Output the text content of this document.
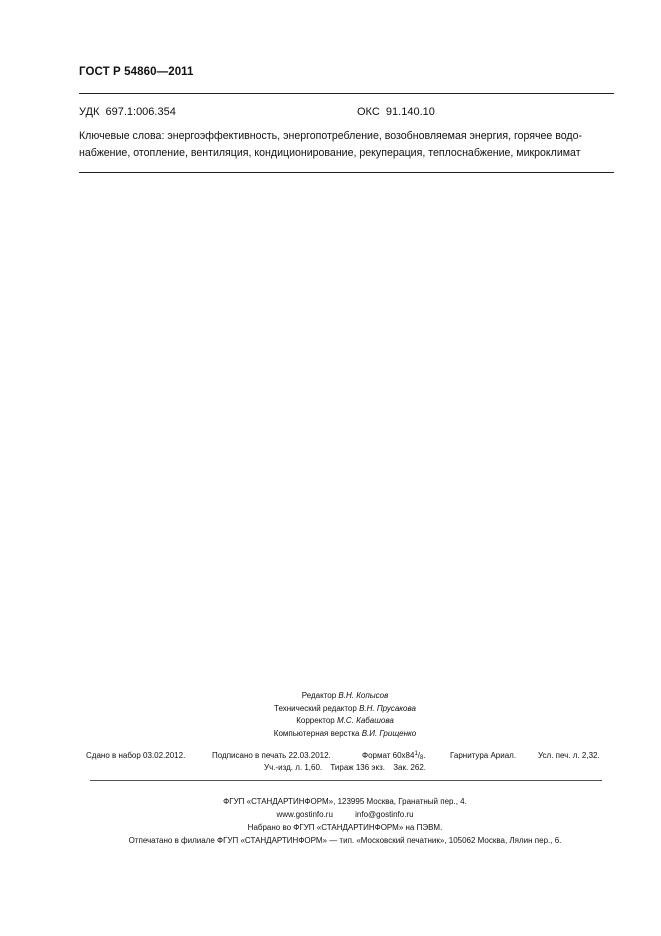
ГОСТ Р 54860—2011
УДК 697.1:006.354	ОКС 91.140.10
Ключевые слова: энергоэффективность, энергопотребление, возобновляемая энергия, горячее водо-
набжение, отопление, вентиляция, кондиционирование, рекуперация, теплоснабжение, микроклимат
Редактор В.Н. Копысов
Технический редактор В.Н. Прусакова
Корректор М.С. Кабашова
Компьютерная верстка В.И. Грищенко
Сдано в набор 03.02.2012.	Подписано в печать 22.03.2012.	Формат $60х84^1/_8$.	Гарнитура Ариал.	Усл. печ. л. 2,32.
Уч.-изд. л. 1,60. Тираж 136 экз. Зак. 262.
ФГУП «СТАНДАРТИНФОРМ», 123995 Москва, Гранатный пер., 4.
www.gostinfo.ru	info@gostinfo.ru
Набрано во ФГУП «СТАНДАРТИНФОРМ» на ПЭВМ.
Отпечатано в филиале ФГУП «СТАНДАРТИНФОРМ» — тип. «Московский печатник», 105062 Москва, Лялин пер., 6.
